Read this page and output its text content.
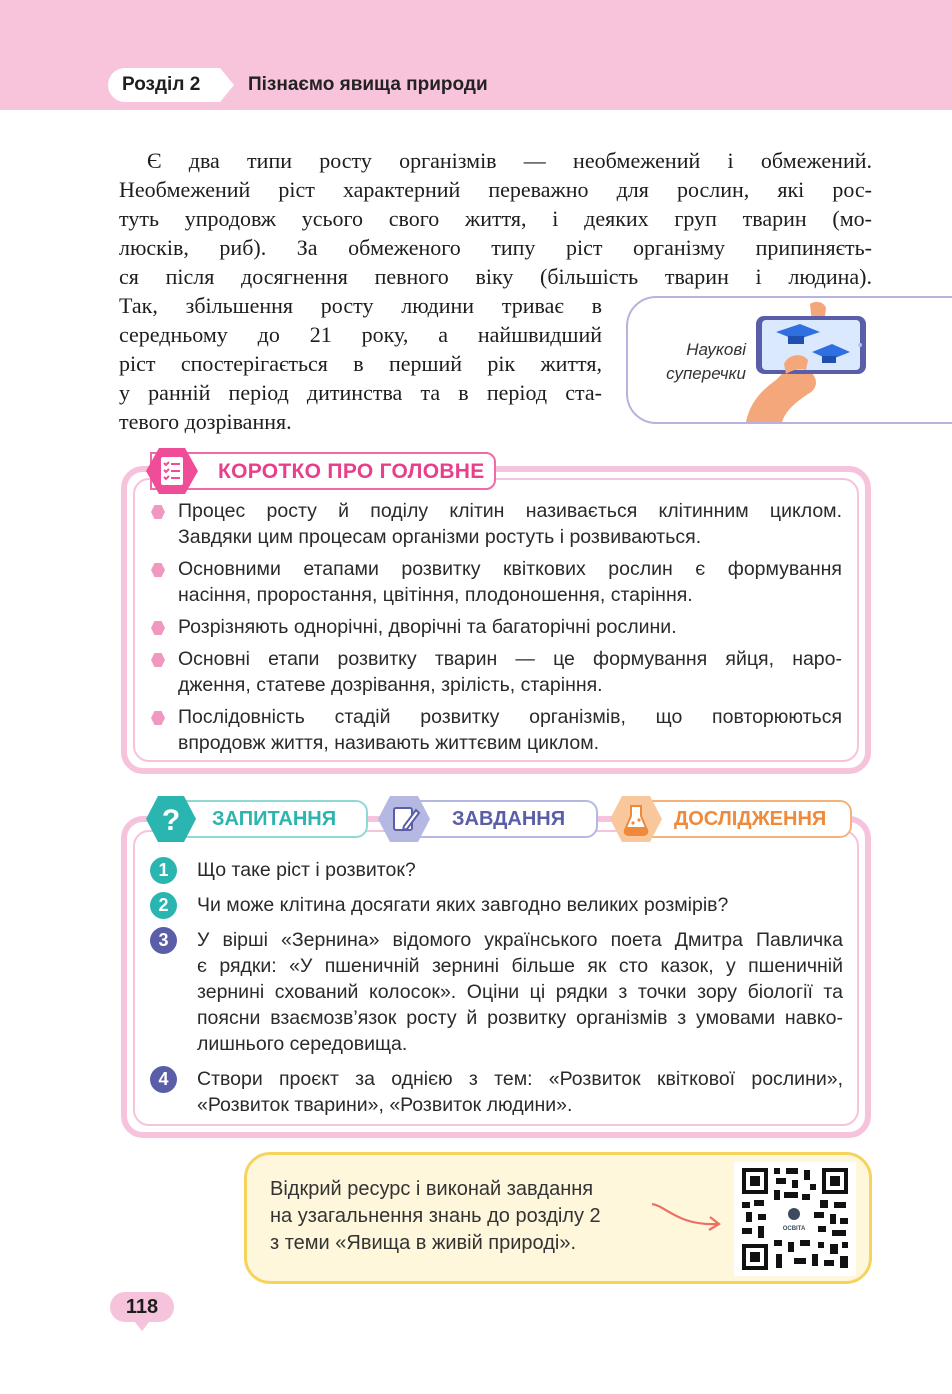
Розділ 2	Пізнаємо явища природи
Є два типи росту організмів — необмежений і обмежений.
Необмежений ріст характерний переважно для рослин, які рос-
туть упродовж усього свого життя, і деяких груп тварин (мо-
люсків, риб). За обмеженого типу ріст організму припиняєть-
ся після досягнення певного віку (більшість тварин і людина).
Так, збільшення росту людини триває в
середньому до 21 року, а найшвидший
ріст спостерігається в перший рік життя,
у ранній період дитинства та в період ста-
тевого дозрівання.
Наукові
суперечки
КОРОТКО ПРО ГОЛОВНЕ
Процес росту й поділу клітин називається клітинним циклом.
Завдяки цим процесам організми ростуть і розвиваються.
Основними етапами розвитку квіткових рослин є формування
насіння, проростання, цвітіння, плодоношення, старіння.
Розрізняють однорічні, дворічні та багаторічні рослини.
Основні етапи розвитку тварин — це формування яйця, наро-
дження, статеве дозрівання, зрілість, старіння.
Послідовність стадій розвитку організмів, що повторюються
впродовж життя, називають життєвим циклом.
ЗАПИТАННЯ
?	ЗАВДАННЯ	ДОСЛІДЖЕННЯ
1	Що таке ріст і розвиток?
2	Чи може клітина досягати яких завгодно великих розмірів?
3	У вірші «Зернина» відомого українського поета Дмитра Павличка
є рядки: «У пшеничній зернині більше як сто казок, у пшеничній
зернині схований колосок». Оціни ці рядки з точки зору біології та
поясни взаємозв’язок росту й розвитку організмів з умовами навко-
лишнього середовища.
4	Створи проєкт за однією з тем: «Розвиток квіткової рослини»,
«Розвиток тварини», «Розвиток людини».
Відкрий ресурс і виконай завдання
на узагальнення знань до розділу 2
з теми «Явища в живій природі».
ОСВІТА
118
